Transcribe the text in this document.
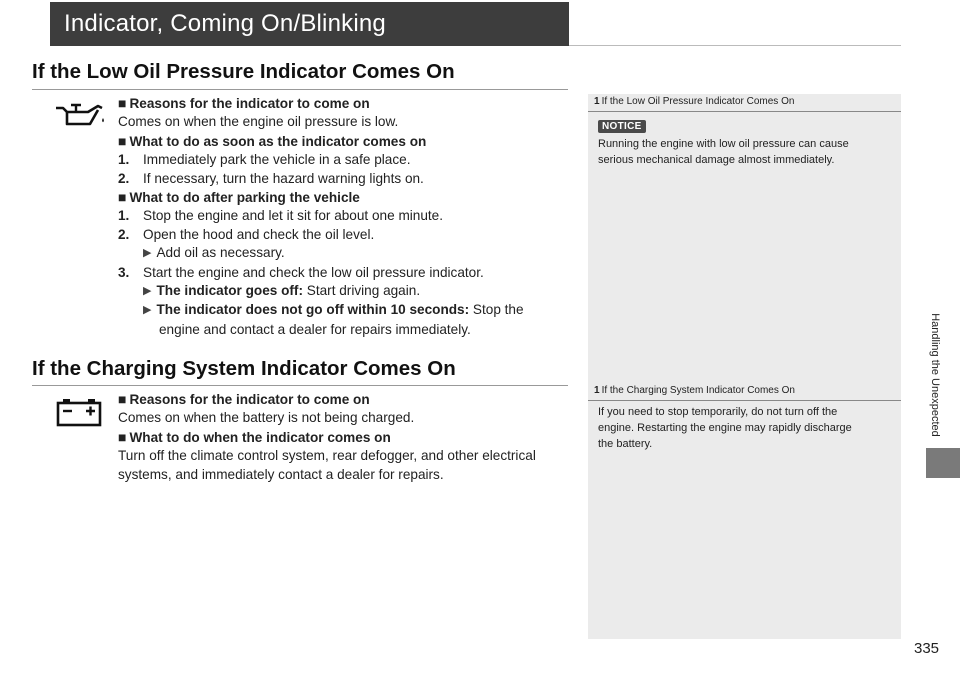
Indicator, Coming On/Blinking
If the Low Oil Pressure Indicator Comes On

■ Reasons for the indicator to come on

Comes on when the engine oil pressure is low.

■ What to do as soon as the indicator comes on

1. Immediately park the vehicle in a safe place.

2. If necessary, turn the hazard warning lights on.

■ What to do after parking the vehicle

1. Stop the engine and let it sit for about one minute.

2. Open the hood and check the oil level.

▶ Add oil as necessary.

3. Start the engine and check the low oil pressure indicator.

▶ The indicator goes off: Start driving again.

▶ The indicator does not go off within 10 seconds: Stop the

engine and contact a dealer for repairs immediately.

If the Charging System Indicator Comes On

■ Reasons for the indicator to come on

Comes on when the battery is not being charged.

■ What to do when the indicator comes on

Turn off the climate control system, rear defogger, and other electrical

systems, and immediately contact a dealer for repairs.

1 If the Low Oil Pressure Indicator Comes On
NOTICE
Running the engine with low oil pressure can cause
serious mechanical damage almost immediately.
1 If the Charging System Indicator Comes On
If you need to stop temporarily, do not turn off the
engine. Restarting the engine may rapidly discharge
the battery.
Handling the Unexpected
335
